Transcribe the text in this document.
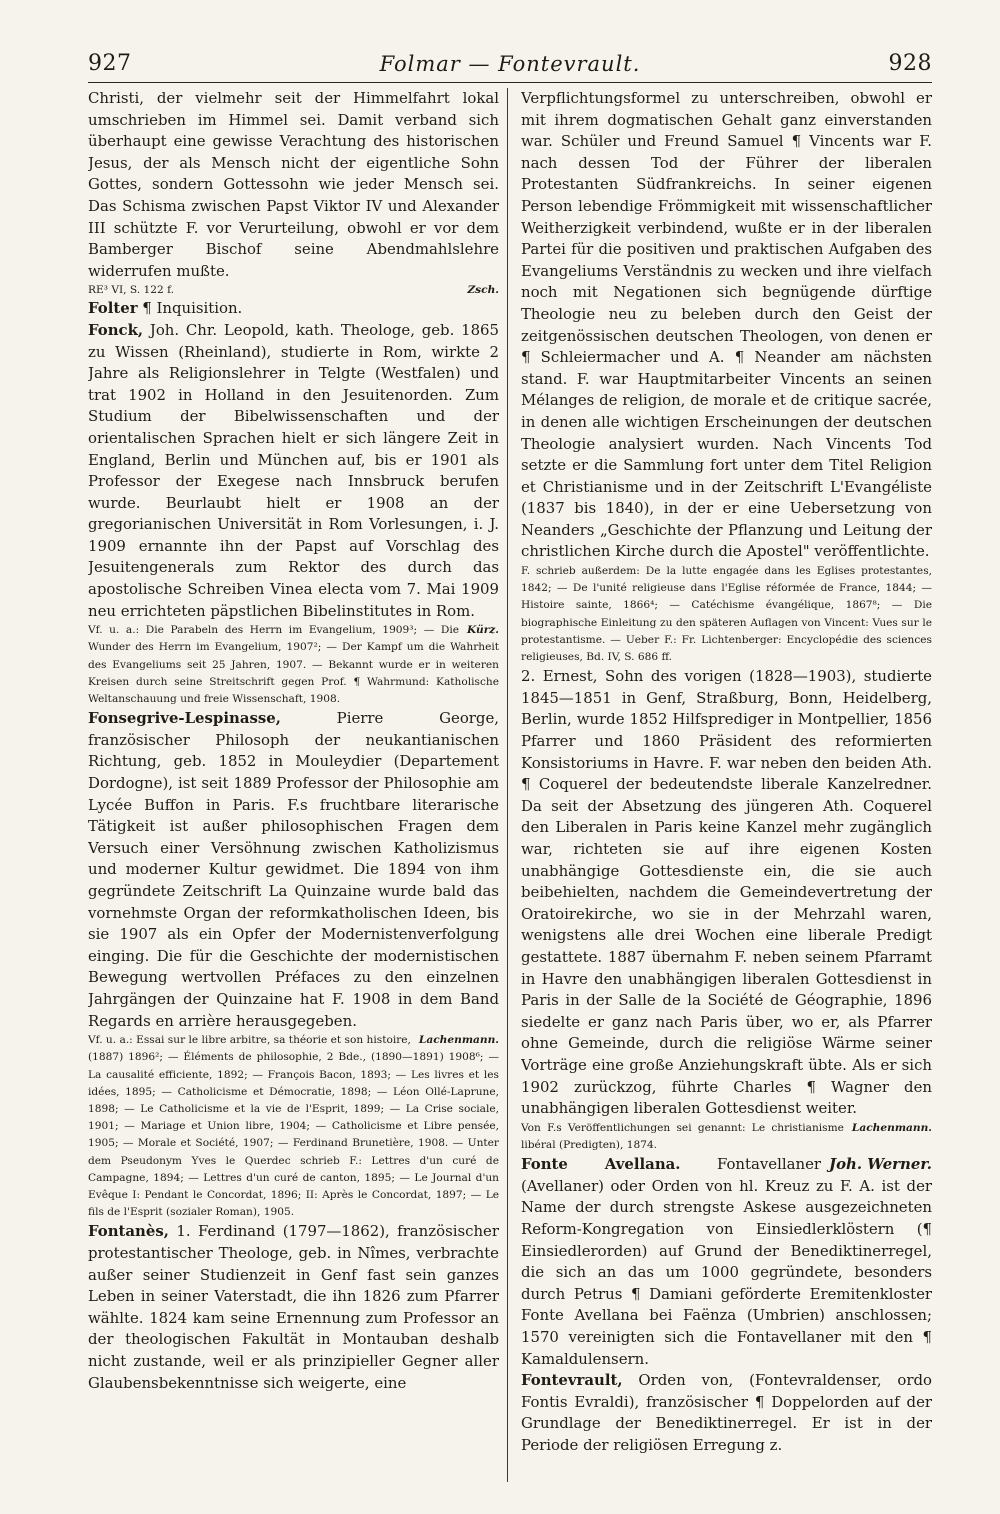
927	Folmar — Fontevrault.	928

Christi, der vielmehr seit der Himmelfahrt lokal umschrieben im Himmel sei. Damit verband sich überhaupt eine gewisse Verachtung des historischen Jesus, der als Mensch nicht der eigentliche Sohn Gottes, sondern Gottessohn wie jeder Mensch sei. Das Schisma zwischen Papst Viktor IV und Alexander III schützte F. vor Verurteilung, obwohl er vor dem Bamberger Bischof seine Abendmahlslehre widerrufen mußte.

Zsch.
RE³ VI, S. 122 f.

Folter ¶ Inquisition.

Fonck, Joh. Chr. Leopold, kath. Theologe, geb. 1865 zu Wissen (Rheinland), studierte in Rom, wirkte 2 Jahre als Religionslehrer in Telgte (Westfalen) und trat 1902 in Holland in den Jesuitenorden. Zum Studium der Bibelwissenschaften und der orientalischen Sprachen hielt er sich längere Zeit in England, Berlin und München auf, bis er 1901 als Professor der Exegese nach Innsbruck berufen wurde. Beurlaubt hielt er 1908 an der gregorianischen Universität in Rom Vorlesungen, i. J. 1909 ernannte ihn der Papst auf Vorschlag des Jesuitengenerals zum Rektor des durch das apostolische Schreiben Vinea electa vom 7. Mai 1909 neu errichteten päpstlichen Bibelinstitutes in Rom.

Kürz.
Vf. u. a.: Die Parabeln des Herrn im Evangelium, 1909³; — Die Wunder des Herrn im Evangelium, 1907²; — Der Kampf um die Wahrheit des Evangeliums seit 25 Jahren, 1907. — Bekannt wurde er in weiteren Kreisen durch seine Streitschrift gegen Prof. ¶ Wahrmund: Katholische Weltanschauung und freie Wissenschaft, 1908.

Fonsegrive-Lespinasse, Pierre George, französischer Philosoph der neukantianischen Richtung, geb. 1852 in Mouleydier (Departement Dordogne), ist seit 1889 Professor der Philosophie am Lycée Buffon in Paris. F.s fruchtbare literarische Tätigkeit ist außer philosophischen Fragen dem Versuch einer Versöhnung zwischen Katholizismus und moderner Kultur gewidmet. Die 1894 von ihm gegründete Zeitschrift La Quinzaine wurde bald das vornehmste Organ der reformkatholischen Ideen, bis sie 1907 als ein Opfer der Modernistenverfolgung einging. Die für die Geschichte der modernistischen Bewegung wertvollen Préfaces zu den einzelnen Jahrgängen der Quinzaine hat F. 1908 in dem Band Regards en arrière herausgegeben.

Lachenmann.
Vf. u. a.: Essai sur le libre arbitre, sa théorie et son histoire, (1887) 1896²; — Éléments de philosophie, 2 Bde., (1890—1891) 1908⁶; — La causalité efficiente, 1892; — François Bacon, 1893; — Les livres et les idées, 1895; — Catholicisme et Démocratie, 1898; — Léon Ollé-Laprune, 1898; — Le Catholicisme et la vie de l'Esprit, 1899; — La Crise sociale, 1901; — Mariage et Union libre, 1904; — Catholicisme et Libre pensée, 1905; — Morale et Société, 1907; — Ferdinand Brunetière, 1908. — Unter dem Pseudonym Yves le Querdec schrieb F.: Lettres d'un curé de Campagne, 1894; — Lettres d'un curé de canton, 1895; — Le Journal d'un Evêque I: Pendant le Concordat, 1896; II: Après le Concordat, 1897; — Le fils de l'Esprit (sozialer Roman), 1905.

Fontanès, 1. Ferdinand (1797—1862), französischer protestantischer Theologe, geb. in Nîmes, verbrachte außer seiner Studienzeit in Genf fast sein ganzes Leben in seiner Vaterstadt, die ihn 1826 zum Pfarrer wählte. 1824 kam seine Ernennung zum Professor an der theologischen Fakultät in Montauban deshalb nicht zustande, weil er als prinzipieller Gegner aller Glaubensbekenntnisse sich weigerte, eine

Verpflichtungsformel zu unterschreiben, obwohl er mit ihrem dogmatischen Gehalt ganz einverstanden war. Schüler und Freund Samuel ¶ Vincents war F. nach dessen Tod der Führer der liberalen Protestanten Südfrankreichs. In seiner eigenen Person lebendige Frömmigkeit mit wissenschaftlicher Weitherzigkeit verbindend, wußte er in der liberalen Partei für die positiven und praktischen Aufgaben des Evangeliums Verständnis zu wecken und ihre vielfach noch mit Negationen sich begnügende dürftige Theologie neu zu beleben durch den Geist der zeitgenössischen deutschen Theologen, von denen er ¶ Schleiermacher und A. ¶ Neander am nächsten stand. F. war Hauptmitarbeiter Vincents an seinen Mélanges de religion, de morale et de critique sacrée, in denen alle wichtigen Erscheinungen der deutschen Theologie analysiert wurden. Nach Vincents Tod setzte er die Sammlung fort unter dem Titel Religion et Christianisme und in der Zeitschrift L'Evangéliste (1837 bis 1840), in der er eine Uebersetzung von Neanders „Geschichte der Pflanzung und Leitung der christlichen Kirche durch die Apostel" veröffentlichte.

F. schrieb außerdem: De la lutte engagée dans les Eglises protestantes, 1842; — De l'unité religieuse dans l'Eglise réformée de France, 1844; — Histoire sainte, 1866⁴; — Catéchisme évangélique, 1867⁸; — Die biographische Einleitung zu den späteren Auflagen von Vincent: Vues sur le protestantisme. — Ueber F.: Fr. Lichtenberger: Encyclopédie des sciences religieuses, Bd. IV, S. 686 ff.

2. Ernest, Sohn des vorigen (1828—1903), studierte 1845—1851 in Genf, Straßburg, Bonn, Heidelberg, Berlin, wurde 1852 Hilfsprediger in Montpellier, 1856 Pfarrer und 1860 Präsident des reformierten Konsistoriums in Havre. F. war neben den beiden Ath. ¶ Coquerel der bedeutendste liberale Kanzelredner. Da seit der Absetzung des jüngeren Ath. Coquerel den Liberalen in Paris keine Kanzel mehr zugänglich war, richteten sie auf ihre eigenen Kosten unabhängige Gottesdienste ein, die sie auch beibehielten, nachdem die Gemeindevertretung der Oratoirekirche, wo sie in der Mehrzahl waren, wenigstens alle drei Wochen eine liberale Predigt gestattete. 1887 übernahm F. neben seinem Pfarramt in Havre den unabhängigen liberalen Gottesdienst in Paris in der Salle de la Société de Géographie, 1896 siedelte er ganz nach Paris über, wo er, als Pfarrer ohne Gemeinde, durch die religiöse Wärme seiner Vorträge eine große Anziehungskraft übte. Als er sich 1902 zurückzog, führte Charles ¶ Wagner den unabhängigen liberalen Gottesdienst weiter.

Lachenmann.
Von F.s Veröffentlichungen sei genannt: Le christianisme libéral (Predigten), 1874.

Joh. Werner.
Fonte Avellana. Fontavellaner (Avellaner) oder Orden von hl. Kreuz zu F. A. ist der Name der durch strengste Askese ausgezeichneten Reform-Kongregation von Einsiedlerklöstern (¶ Einsiedlerorden) auf Grund der Benediktinerregel, die sich an das um 1000 gegründete, besonders durch Petrus ¶ Damiani geförderte Eremitenkloster Fonte Avellana bei Faënza (Umbrien) anschlossen; 1570 vereinigten sich die Fontavellaner mit den ¶ Kamaldulensern.

Fontevrault, Orden von, (Fontevraldenser, ordo Fontis Evraldi), französischer ¶ Doppelorden auf der Grundlage der Benediktinerregel. Er ist in der Periode der religiösen Erregung z.
